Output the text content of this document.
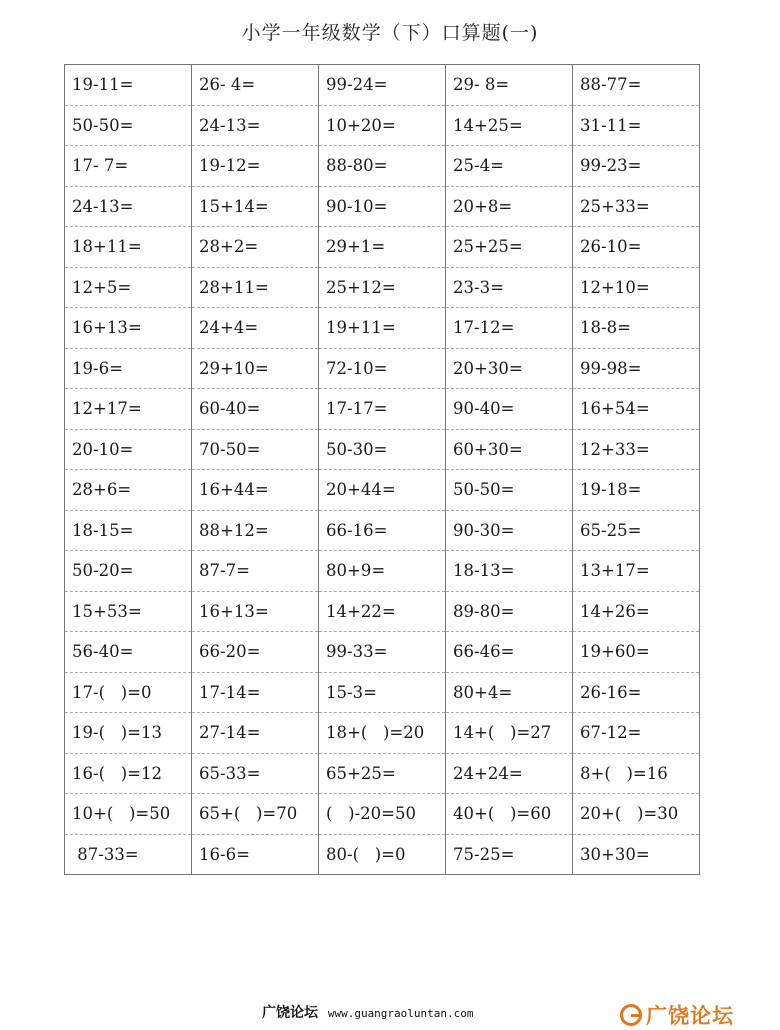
小学一年级数学（下）口算题(一)
19-11=	26- 4=	99-24=	29- 8=	88-77=
50-50=	24-13=	10+20=	14+25=	31-11=
17- 7=	19-12=	88-80=	25-4=	99-23=
24-13=	15+14=	90-10=	20+8=	25+33=
18+11=	28+2=	29+1=	25+25=	26-10=
12+5=	28+11=	25+12=	23-3=	12+10=
16+13=	24+4=	19+11=	17-12=	18-8=
19-6=	29+10=	72-10=	20+30=	99-98=
12+17=	60-40=	17-17=	90-40=	16+54=
20-10=	70-50=	50-30=	60+30=	12+33=
28+6=	16+44=	20+44=	50-50=	19-18=
18-15=	88+12=	66-16=	90-30=	65-25=
50-20=	87-7=	80+9=	18-13=	13+17=
15+53=	16+13=	14+22=	89-80=	14+26=
56-40=	66-20=	99-33=	66-46=	19+60=
17-(   )=0	17-14=	15-3=	80+4=	26-16=
19-(   )=13	27-14=	18+(   )=20	14+(   )=27	67-12=
16-(   )=12	65-33=	65+25=	24+24=	8+(   )=16
10+(   )=50	65+(   )=70	(   )-20=50	40+(   )=60	20+(   )=30
87-33=	16-6=	80-(   )=0	75-25=	30+30=
广饶论坛 www.guangraoluntan.com	广饶论坛
